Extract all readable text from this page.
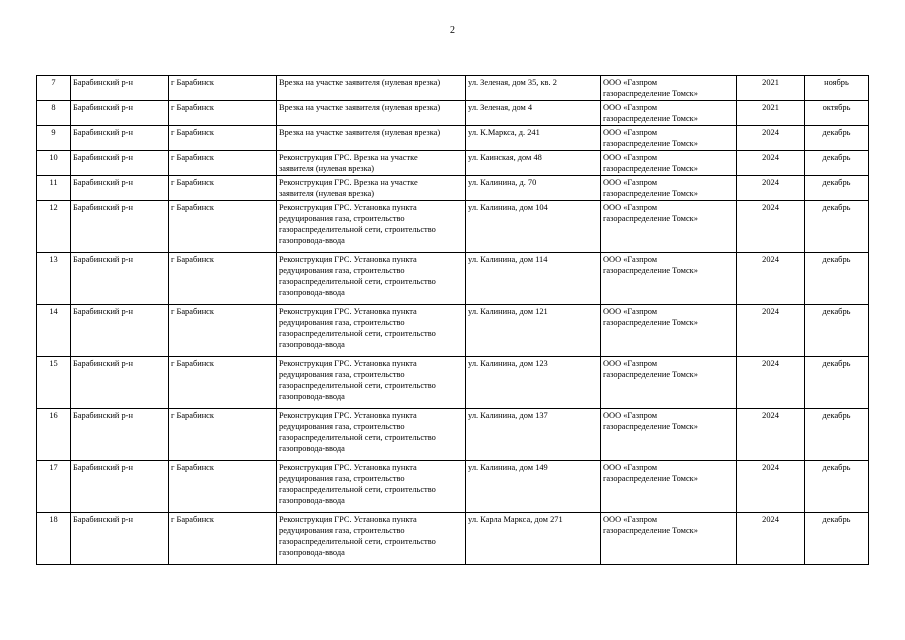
2
7	Барабинский р-н	г Барабинск	Врезка на участке заявителя (нулевая врезка)	ул. Зеленая, дом 35, кв. 2	ООО «Газпром
газораспределение Томск»	2021	ноябрь
8	Барабинский р-н	г Барабинск	Врезка на участке заявителя (нулевая врезка)	ул. Зеленая, дом 4	ООО «Газпром
газораспределение Томск»	2021	октябрь
9	Барабинский р-н	г Барабинск	Врезка на участке заявителя (нулевая врезка)	ул. К.Маркса, д. 241	ООО «Газпром
газораспределение Томск»	2024	декабрь
10	Барабинский р-н	г Барабинск	Реконструкция ГРС. Врезка на участке
заявителя (нулевая врезка)	ул. Каинская, дом 48	ООО «Газпром
газораспределение Томск»	2024	декабрь
11	Барабинский р-н	г Барабинск	Реконструкция ГРС. Врезка на участке
заявителя (нулевая врезка)	ул. Калинина, д. 70	ООО «Газпром
газораспределение Томск»	2024	декабрь
12	Барабинский р-н	г Барабинск	Реконструкция ГРС. Установка пункта
редуцирования газа, строительство
газораспределительной сети, строительство
газопровода-ввода	ул. Калинина, дом 104	ООО «Газпром
газораспределение Томск»	2024	декабрь
13	Барабинский р-н	г Барабинск	Реконструкция ГРС. Установка пункта
редуцирования газа, строительство
газораспределительной сети, строительство
газопровода-ввода	ул. Калинина, дом 114	ООО «Газпром
газораспределение Томск»	2024	декабрь
14	Барабинский р-н	г Барабинск	Реконструкция ГРС. Установка пункта
редуцирования газа, строительство
газораспределительной сети, строительство
газопровода-ввода	ул. Калинина, дом 121	ООО «Газпром
газораспределение Томск»	2024	декабрь
15	Барабинский р-н	г Барабинск	Реконструкция ГРС. Установка пункта
редуцирования газа, строительство
газораспределительной сети, строительство
газопровода-ввода	ул. Калинина, дом 123	ООО «Газпром
газораспределение Томск»	2024	декабрь
16	Барабинский р-н	г Барабинск	Реконструкция ГРС. Установка пункта
редуцирования газа, строительство
газораспределительной сети, строительство
газопровода-ввода	ул. Калинина, дом 137	ООО «Газпром
газораспределение Томск»	2024	декабрь
17	Барабинский р-н	г Барабинск	Реконструкция ГРС. Установка пункта
редуцирования газа, строительство
газораспределительной сети, строительство
газопровода-ввода	ул. Калинина, дом 149	ООО «Газпром
газораспределение Томск»	2024	декабрь
18	Барабинский р-н	г Барабинск	Реконструкция ГРС. Установка пункта
редуцирования газа, строительство
газораспределительной сети, строительство
газопровода-ввода	ул. Карла Маркса, дом 271	ООО «Газпром
газораспределение Томск»	2024	декабрь
